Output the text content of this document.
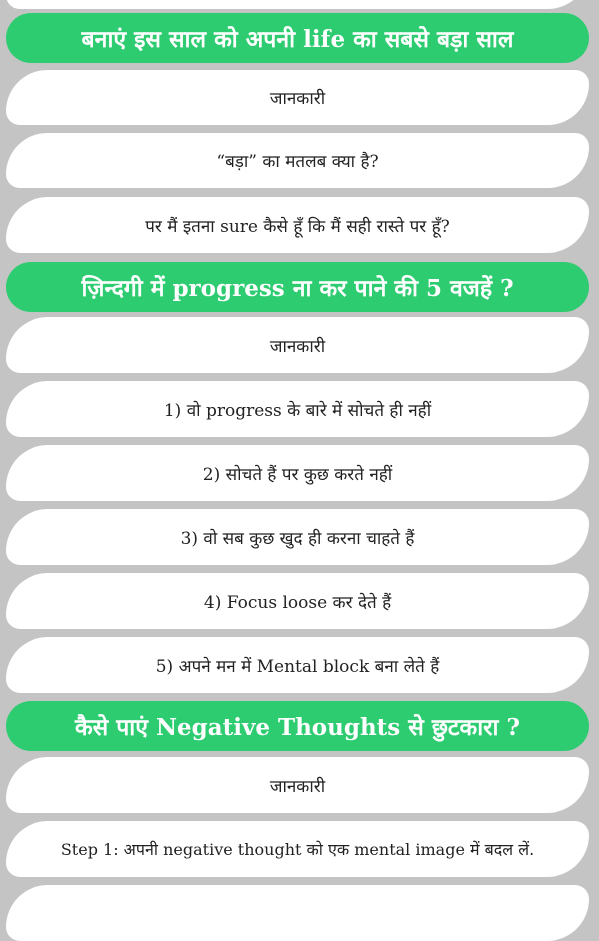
बनाएं इस साल को अपनी life का सबसे बड़ा साल
जानकारी
“बड़ा” का मतलब क्या है?
पर मैं इतना sure कैसे हूँ कि मैं सही रास्ते पर हूँ?
ज़िन्दगी में progress ना कर पाने की 5 वजहें ?
जानकारी
1) वो progress के बारे में सोचते ही नहीं
2) सोचते हैं पर कुछ करते नहीं
3) वो सब कुछ खुद ही करना चाहते हैं
4) Focus loose कर देते हैं
5) अपने मन में Mental block बना लेते हैं
कैसे पाएं Negative Thoughts से छुटकारा ?
जानकारी
Step 1: अपनी negative thought को एक mental image में बदल लें.
